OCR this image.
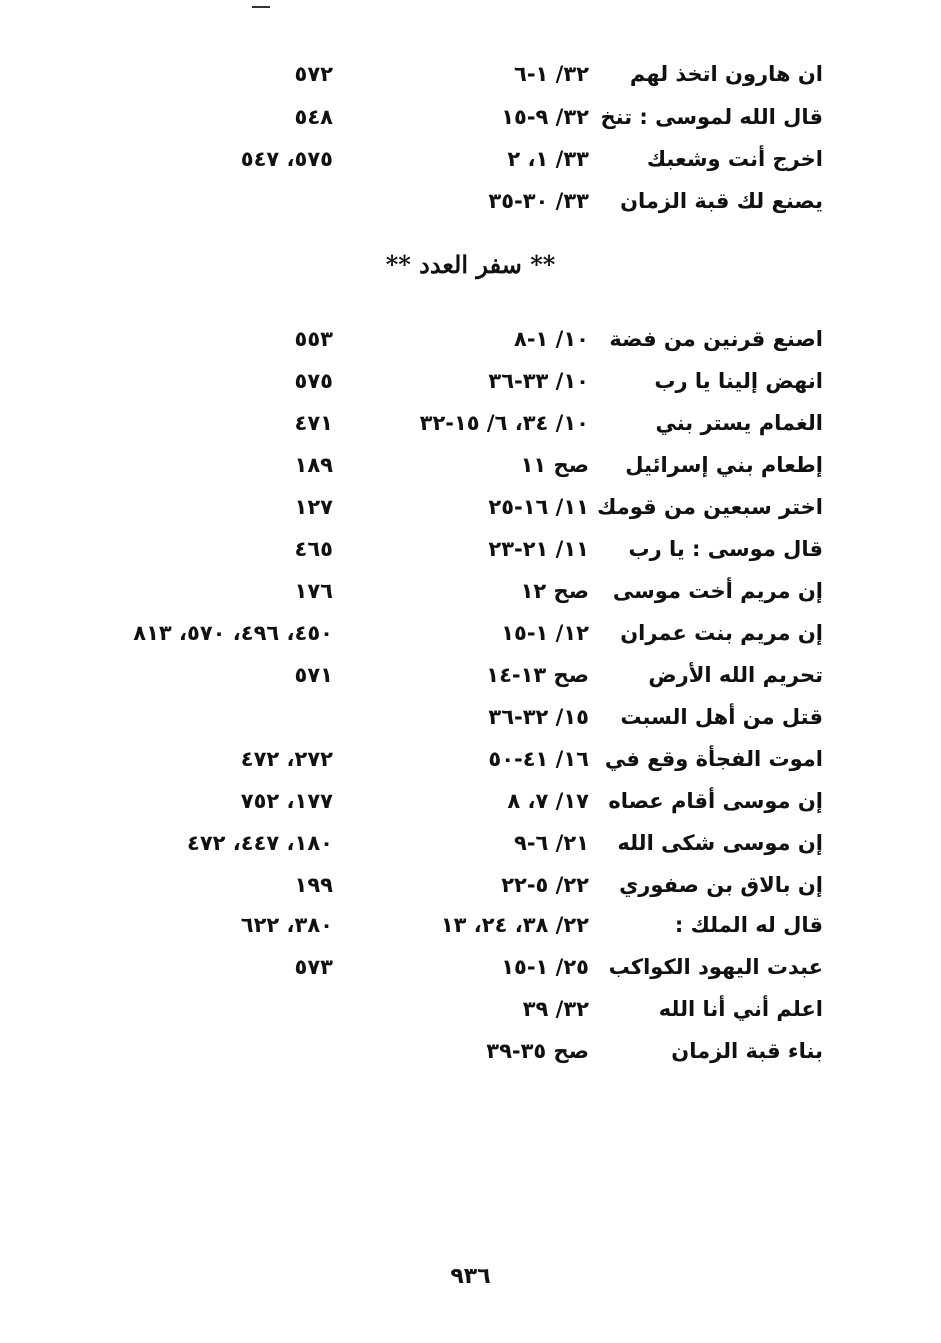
ان هارون اتخذ لهم
٣٢/ ١-٦
٥٧٢
قال الله لموسى : تنخ
٣٢/ ٩-١٥
٥٤٨
اخرج أنت وشعبك
٣٣/ ١، ٢
٥٧٥، ٥٤٧
يصنع لك قبة الزمان
٣٣/ ٣٠-٣٥
** سفر العدد **
اصنع قرنين من فضة
١٠/ ١-٨
٥٥٣
انهض إلينا يا رب
١٠/ ٣٣-٣٦
٥٧٥
الغمام يستر بني
١٠/ ٣٤، ٦/ ١٥-٣٢
٤٧١
إطعام بني إسرائيل
صح ١١
١٨٩
اختر سبعين من قومك
١١/ ١٦-٢٥
١٢٧
قال موسى : يا رب
١١/ ٢١-٢٣
٤٦٥
إن مريم أخت موسى
صح ١٢
١٧٦
إن مريم بنت عمران
١٢/ ١-١٥
٤٥٠، ٤٩٦، ٥٧٠، ٨١٣
تحريم الله الأرض
صح ١٣-١٤
٥٧١
قتل من أهل السبت
١٥/ ٣٢-٣٦
اموت الفجأة وقع في
١٦/ ٤١-٥٠
٢٧٢، ٤٧٢
إن موسى أقام عصاه
١٧/ ٧، ٨
١٧٧، ٧٥٢
إن موسى شكى الله
٢١/ ٦-٩
١٨٠، ٤٤٧، ٤٧٢
إن بالاق بن صفوري
٢٢/ ٥-٢٢
١٩٩
قال له الملك :
٢٢/ ٣٨، ٢٤، ١٣
٣٨٠، ٦٢٢
عبدت اليهود الكواكب
٢٥/ ١-١٥
٥٧٣
اعلم أني أنا الله
٣٢/ ٣٩
بناء قبة الزمان
صح ٣٥-٣٩
٩٣٦
